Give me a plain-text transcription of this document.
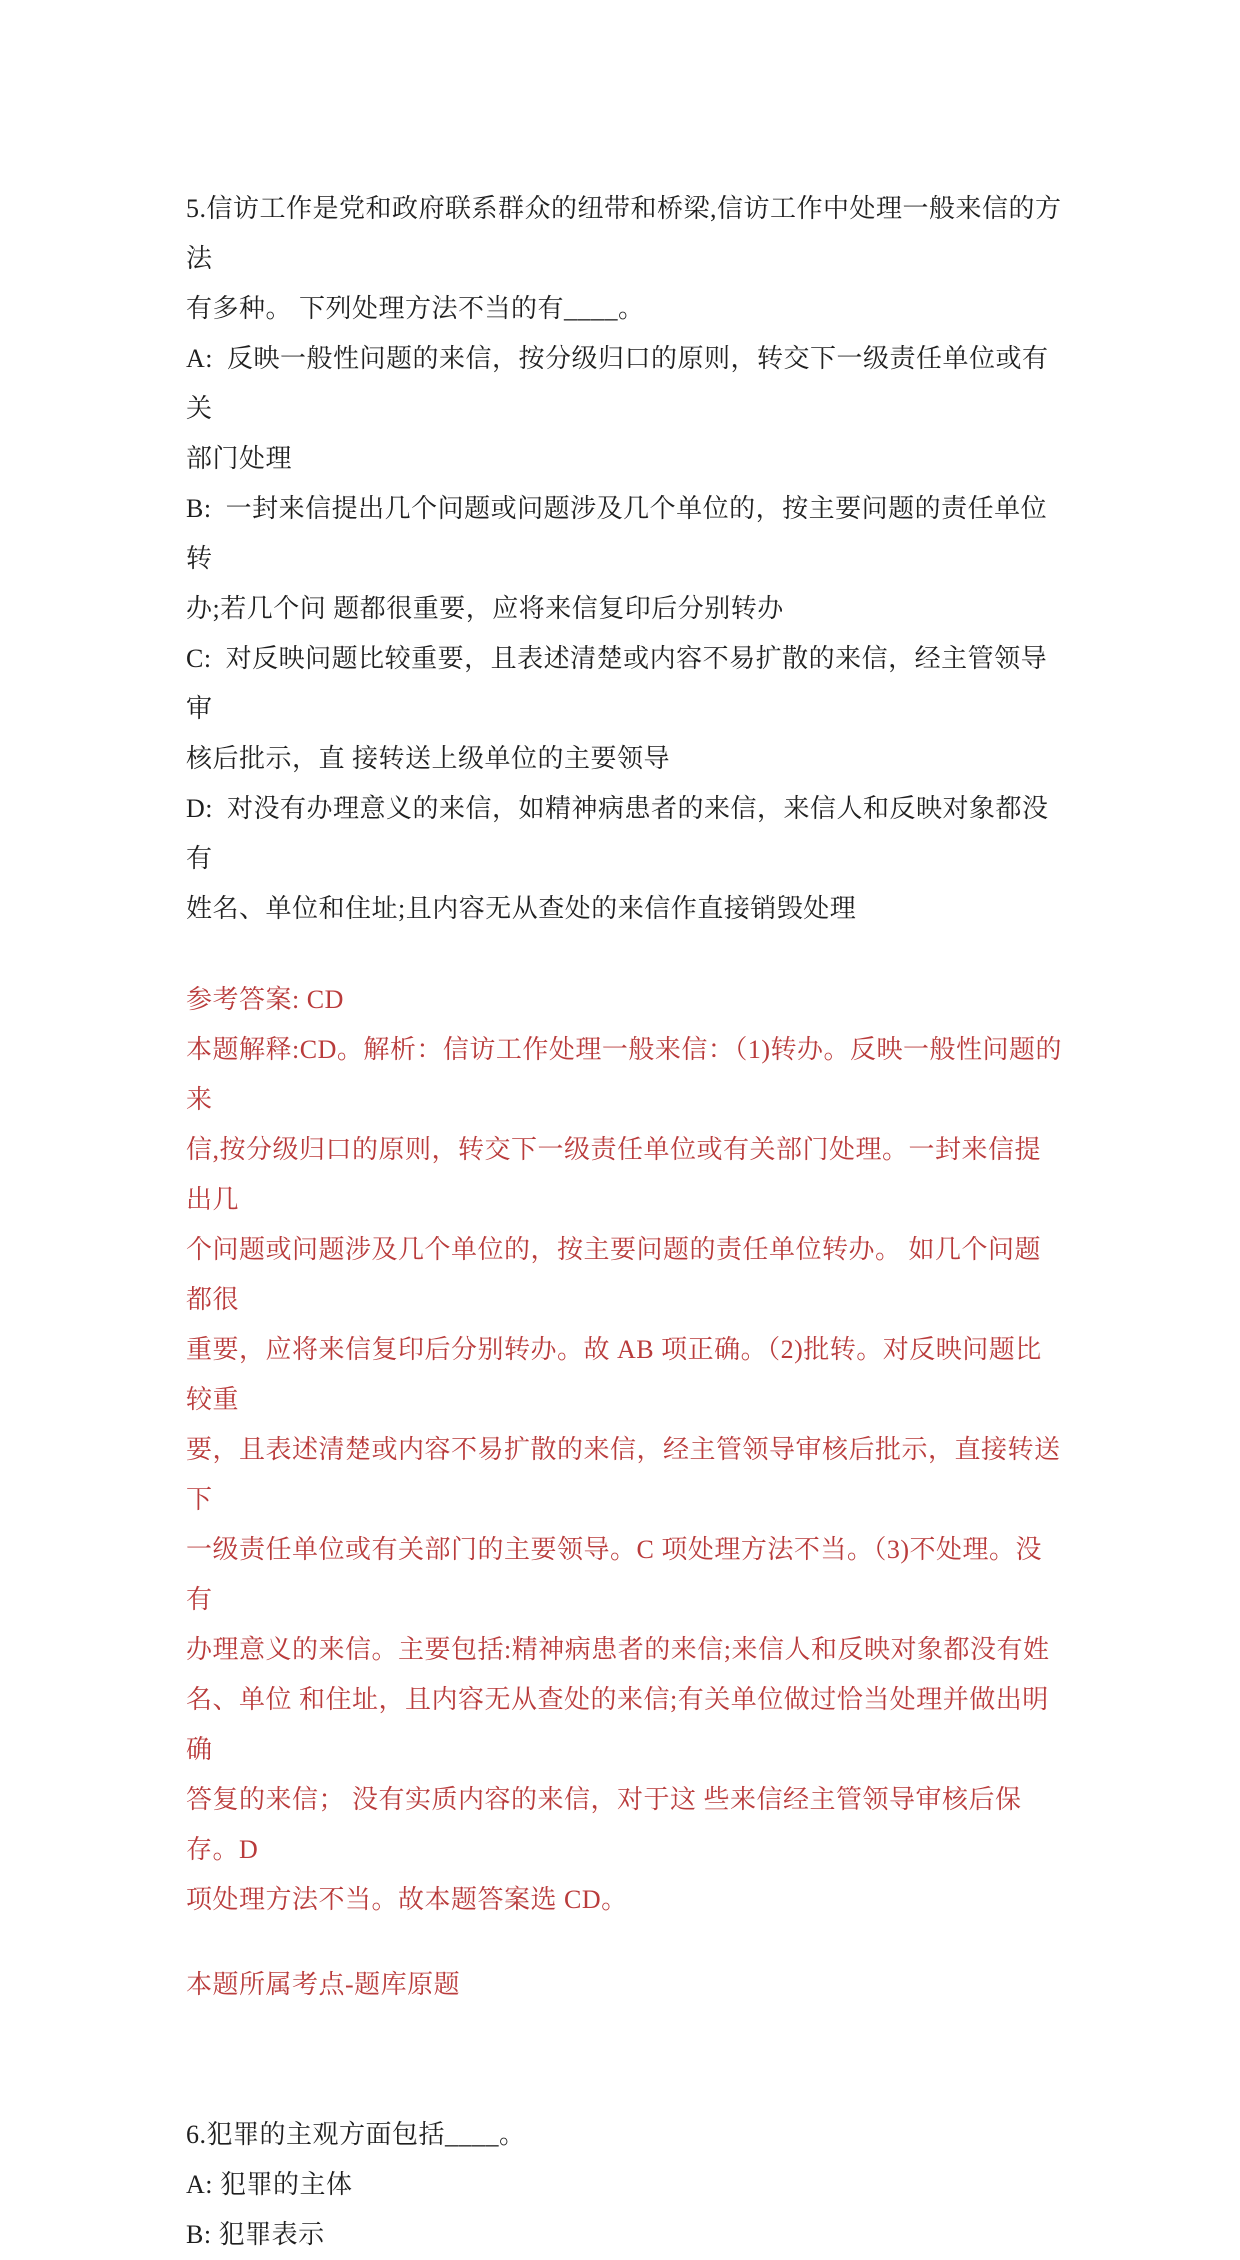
5.信访工作是党和政府联系群众的纽带和桥梁,信访工作中处理一般来信的方法
有多种。 下列处理方法不当的有____。
A:  反映一般性问题的来信，按分级归口的原则，转交下一级责任单位或有关
部门处理
B:  一封来信提出几个问题或问题涉及几个单位的，按主要问题的责任单位转
办;若几个问 题都很重要，应将来信复印后分别转办
C:  对反映问题比较重要，且表述清楚或内容不易扩散的来信，经主管领导审
核后批示，直 接转送上级单位的主要领导
D:  对没有办理意义的来信，如精神病患者的来信，来信人和反映对象都没有
姓名、单位和住址;且内容无从查处的来信作直接销毁处理
参考答案: CD
本题解释:CD。解析：信访工作处理一般来信：（1)转办。反映一般性问题的来
信,按分级归口的原则，转交下一级责任单位或有关部门处理。一封来信提出几
个问题或问题涉及几个单位的，按主要问题的责任单位转办。 如几个问题都很
重要，应将来信复印后分别转办。故 AB 项正确。（2)批转。对反映问题比较重
要，且表述清楚或内容不易扩散的来信，经主管领导审核后批示，直接转送下
一级责任单位或有关部门的主要领导。C 项处理方法不当。（3)不处理。没有
办理意义的来信。主要包括:精神病患者的来信;来信人和反映对象都没有姓
名、单位 和住址，且内容无从查处的来信;有关单位做过恰当处理并做出明确
答复的来信； 没有实质内容的来信，对于这 些来信经主管领导审核后保存。D
项处理方法不当。故本题答案选 CD。
本题所属考点-题库原题
6.犯罪的主观方面包括____。
A: 犯罪的主体
B: 犯罪表示
